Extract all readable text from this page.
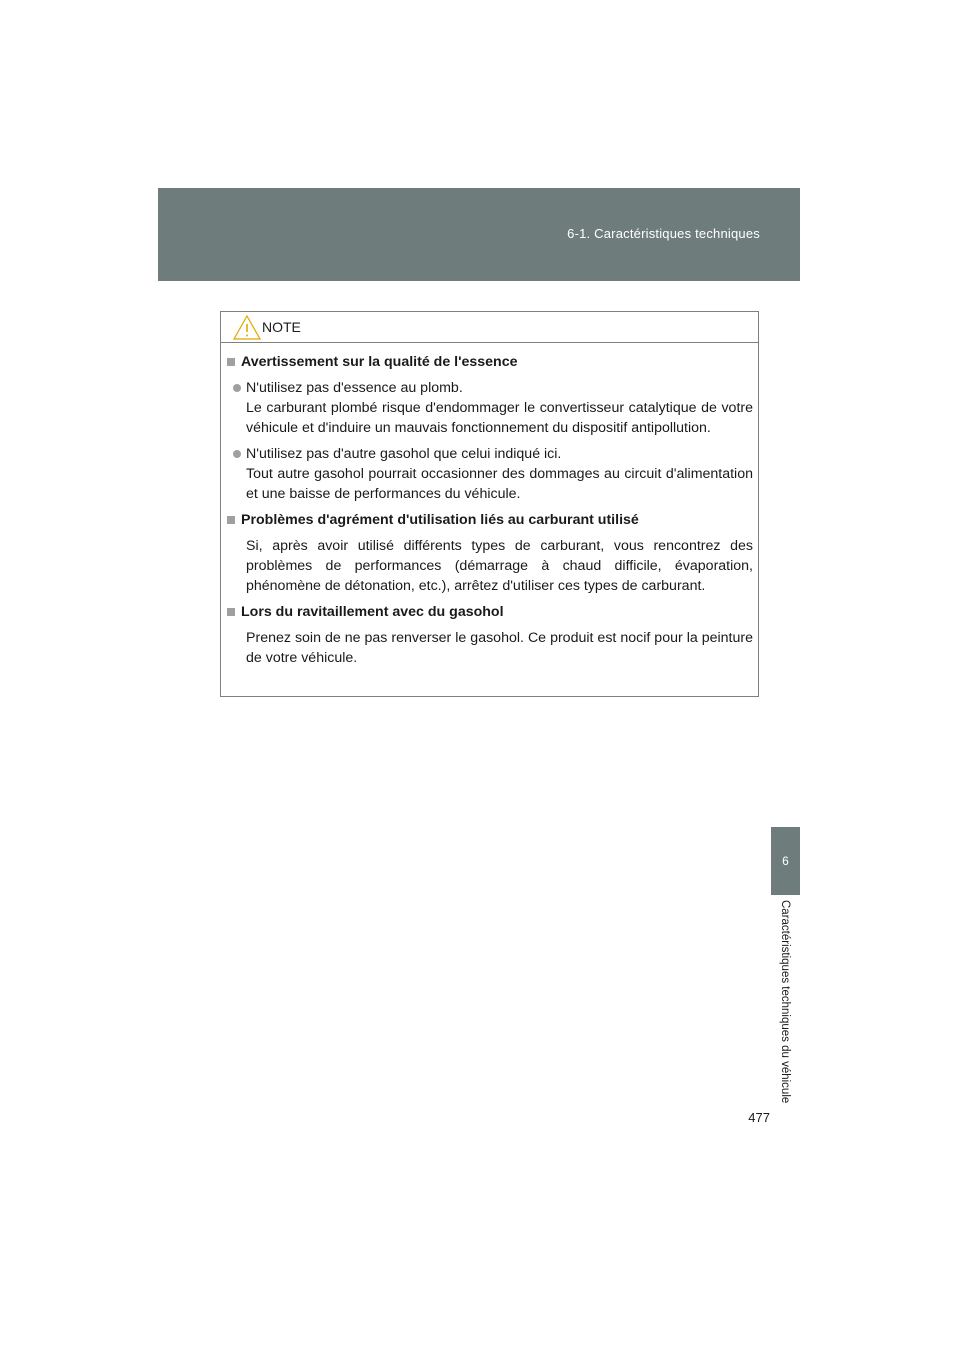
6-1. Caractéristiques techniques
NOTE
Avertissement sur la qualité de l'essence
N'utilisez pas d'essence au plomb.
Le carburant plombé risque d'endommager le convertisseur catalytique de votre véhicule et d'induire un mauvais fonctionnement du dispositif antipollution.
N'utilisez pas d'autre gasohol que celui indiqué ici.
Tout autre gasohol pourrait occasionner des dommages au circuit d'alimentation et une baisse de performances du véhicule.
Problèmes d'agrément d'utilisation liés au carburant utilisé

Si, après avoir utilisé différents types de carburant, vous rencontrez des problèmes de performances (démarrage à chaud difficile, évaporation, phénomène de détonation, etc.), arrêtez d'utiliser ces types de carburant.

Lors du ravitaillement avec du gasohol

Prenez soin de ne pas renverser le gasohol. Ce produit est nocif pour la peinture de votre véhicule.

6
Caractéristiques techniques du véhicule
477
